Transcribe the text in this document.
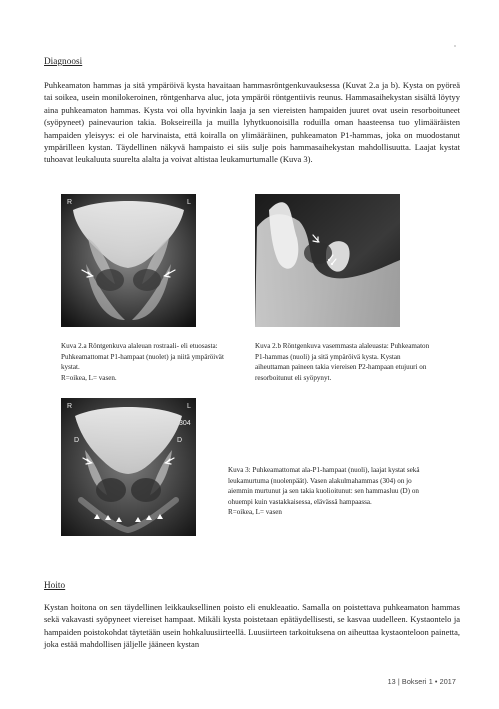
Diagnoosi
Puhkeamaton hammas ja sitä ympäröivä kysta havaitaan hammasröntgenkuvauksessa (Kuvat 2.a ja b). Kysta on pyöreä tai soikea, usein monilokeroinen, röntgenharva aluc, jota ympäröi röntgentiivis reunus. Hammasaihekystan sisältä löytyy aina puhkeamaton hammas. Kysta voi olla hyvinkin laaja ja sen viereisten hampaiden juuret ovat usein resorboituneet (syöpyneet) painevaurion takia. Bokseireilla ja muilla lyhytkuonoisilla roduilla oman haasteensa tuo ylimääräisten hampaiden yleisyys: ei ole harvinaista, että koiralla on ylimääräinen, puhkeamaton P1-hammas, joka on muodostanut ympärilleen kystan. Täydellinen näkyvä hampaisto ei siis sulje pois hammasaihekystan mahdollisuutta. Laajat kystat tuhoavat leukaluuta suurelta alalta ja voivat altistaa leukamurtumalle (Kuva 3).
R	L
Kuva 2.a Röntgenkuva alaleuan rostraali- eli etuosasta: Puhkeamattomat P1-hampaat (nuolet) ja niitä ympäröivät kystat.
R=oikea, L= vasen.
Kuva 2.b Röntgenkuva vasemmasta alaleuasta: Puhkeamaton P1-hammas (nuoli) ja sitä ympäröivä kysta. Kystan aiheuttaman paineen takia viereisen P2-hampaan etujuuri on resorboitunut eli syöpynyt.
R	L
304
D	D
Kuva 3: Puhkeamattomat ala-P1-hampaat (nuoli), laajat kystat sekä leukamurtuma (nuolenpäät). Vasen alakulmahammas (304) on jo aiemmin murtunut ja sen takia kuolioitunut: sen hammasluu (D) on ohuempi kuin vastakkaisessa, elävässä hampaassa.
R=oikea, L= vasen
Hoito
Kystan hoitona on sen täydellinen leikkauksellinen poisto eli enukleaatio. Samalla on poistettava puhkeamaton hammas sekä vakavasti syöpyneet viereiset hampaat. Mikäli kysta poistetaan epätäydellisesti, se kasvaa uudelleen. Kystaontelo ja hampaiden poistokohdat täytetään usein hohkaluusiirteellä. Luusiirteen tarkoituksena on aiheuttaa kystaonteloon painetta, joka estää mahdollisen jäljelle jääneen kystan
13 | Bokseri 1 • 2017
